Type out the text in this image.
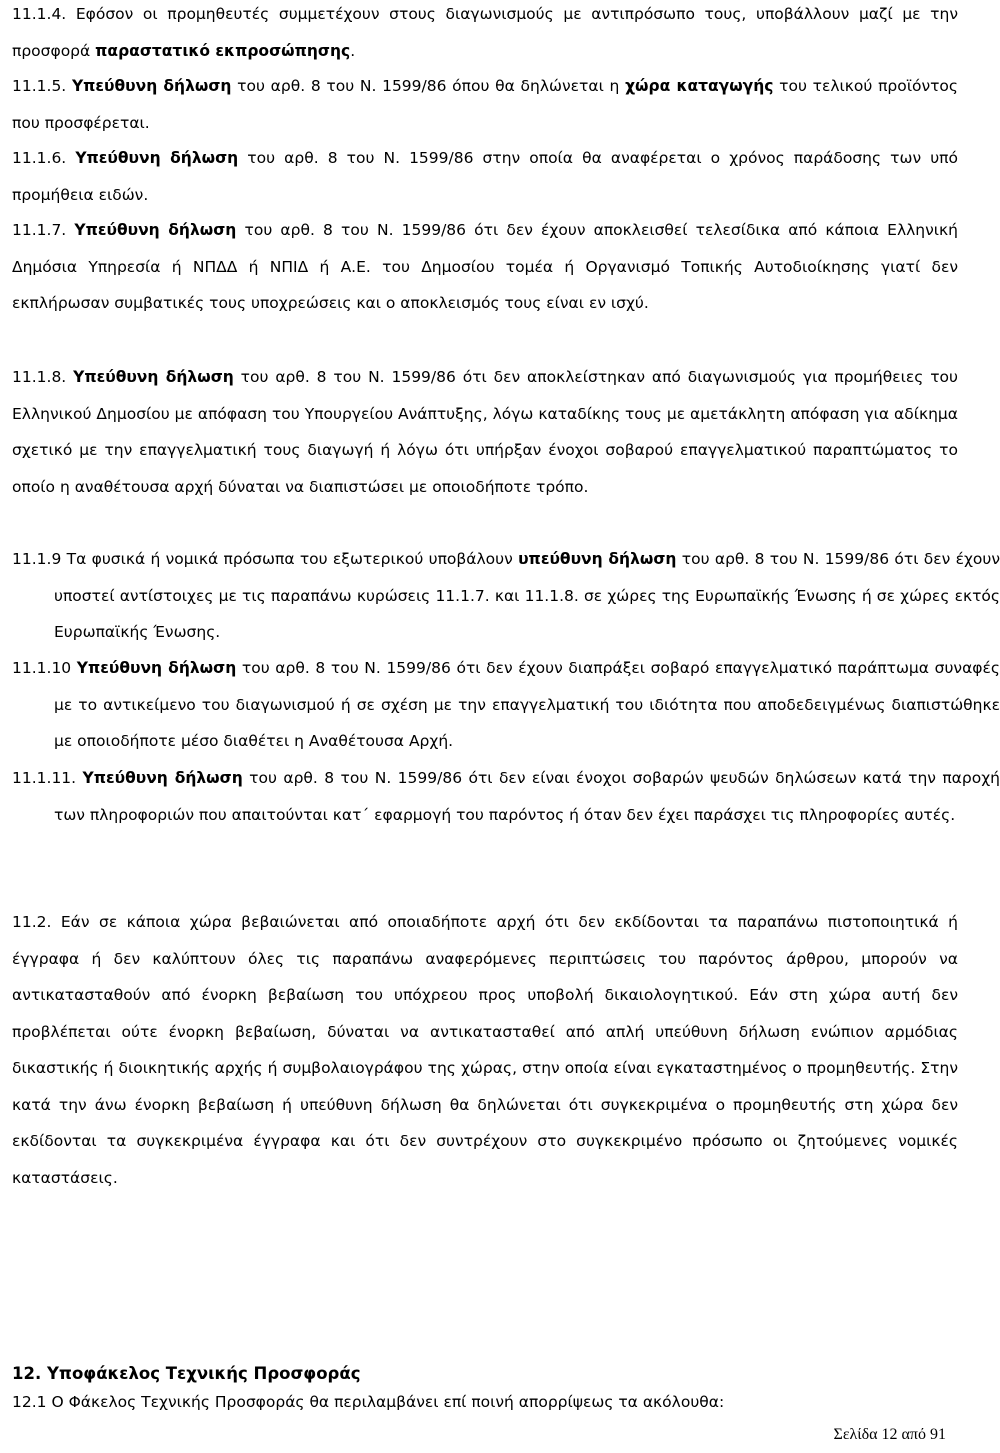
11.1.4. Εφόσον οι προμηθευτές συμμετέχουν στους διαγωνισμούς με αντιπρόσωπο τους, υποβάλλουν μαζί με την προσφορά παραστατικό εκπροσώπησης.

11.1.5. Υπεύθυνη δήλωση του αρθ. 8 του Ν. 1599/86 όπου θα δηλώνεται η χώρα καταγωγής του τελικού προϊόντος που προσφέρεται.

11.1.6. Υπεύθυνη δήλωση του αρθ. 8 του Ν. 1599/86 στην οποία θα αναφέρεται ο χρόνος παράδοσης των υπό προμήθεια ειδών.

11.1.7. Υπεύθυνη δήλωση του αρθ. 8 του Ν. 1599/86 ότι δεν έχουν αποκλεισθεί τελεσίδικα από κάποια Ελληνική Δημόσια Υπηρεσία ή ΝΠΔΔ ή ΝΠΙΔ ή Α.Ε. του Δημοσίου τομέα ή Οργανισμό Τοπικής Αυτοδιοίκησης γιατί δεν εκπλήρωσαν συμβατικές τους υποχρεώσεις και ο αποκλεισμός τους είναι εν ισχύ.

11.1.8. Υπεύθυνη δήλωση του αρθ. 8 του Ν. 1599/86 ότι δεν αποκλείστηκαν από διαγωνισμούς για προμήθειες του Ελληνικού Δημοσίου με απόφαση του Υπουργείου Ανάπτυξης, λόγω καταδίκης τους με αμετάκλητη απόφαση για αδίκημα σχετικό με την επαγγελματική τους διαγωγή ή λόγω ότι υπήρξαν ένοχοι σοβαρού επαγγελματικού παραπτώματος το οποίο η αναθέτουσα αρχή δύναται να διαπιστώσει με οποιοδήποτε τρόπο.

11.1.9 Τα φυσικά ή νομικά πρόσωπα του εξωτερικού υποβάλουν υπεύθυνη δήλωση του αρθ. 8 του Ν. 1599/86 ότι δεν έχουν υποστεί αντίστοιχες με τις παραπάνω κυρώσεις 11.1.7. και 11.1.8. σε χώρες της Ευρωπαϊκής Ένωσης ή σε χώρες εκτός Ευρωπαϊκής Ένωσης.

11.1.10 Υπεύθυνη δήλωση του αρθ. 8 του Ν. 1599/86 ότι δεν έχουν διαπράξει σοβαρό επαγγελματικό παράπτωμα συναφές με το αντικείμενο του διαγωνισμού ή σε σχέση με την επαγγελματική του ιδιότητα που αποδεδειγμένως διαπιστώθηκε με οποιοδήποτε μέσο διαθέτει η Αναθέτουσα Αρχή.

11.1.11. Υπεύθυνη δήλωση του αρθ. 8 του Ν. 1599/86 ότι δεν είναι ένοχοι σοβαρών ψευδών δηλώσεων κατά την παροχή των πληροφοριών που απαιτούνται κατ΄ εφαρμογή του παρόντος ή όταν δεν έχει παράσχει τις πληροφορίες αυτές.

11.2. Εάν σε κάποια χώρα βεβαιώνεται από οποιαδήποτε αρχή ότι δεν εκδίδονται τα παραπάνω πιστοποιητικά ή έγγραφα ή δεν καλύπτουν όλες τις παραπάνω αναφερόμενες περιπτώσεις του παρόντος άρθρου, μπορούν να αντικατασταθούν από ένορκη βεβαίωση του υπόχρεου προς υποβολή δικαιολογητικού. Εάν στη χώρα αυτή δεν προβλέπεται ούτε ένορκη βεβαίωση, δύναται να αντικατασταθεί από απλή υπεύθυνη δήλωση ενώπιον αρμόδιας δικαστικής ή διοικητικής αρχής ή συμβολαιογράφου της χώρας, στην οποία είναι εγκαταστημένος ο προμηθευτής. Στην κατά την άνω ένορκη βεβαίωση ή υπεύθυνη δήλωση θα δηλώνεται ότι συγκεκριμένα ο προμηθευτής στη χώρα δεν εκδίδονται τα συγκεκριμένα έγγραφα και ότι δεν συντρέχουν στο συγκεκριμένο πρόσωπο οι ζητούμενες νομικές καταστάσεις.

12. Υποφάκελος Τεχνικής Προσφοράς

12.1 Ο Φάκελος Τεχνικής Προσφοράς θα περιλαμβάνει επί ποινή απορρίψεως τα ακόλουθα:

Σελίδα 12 από 91
